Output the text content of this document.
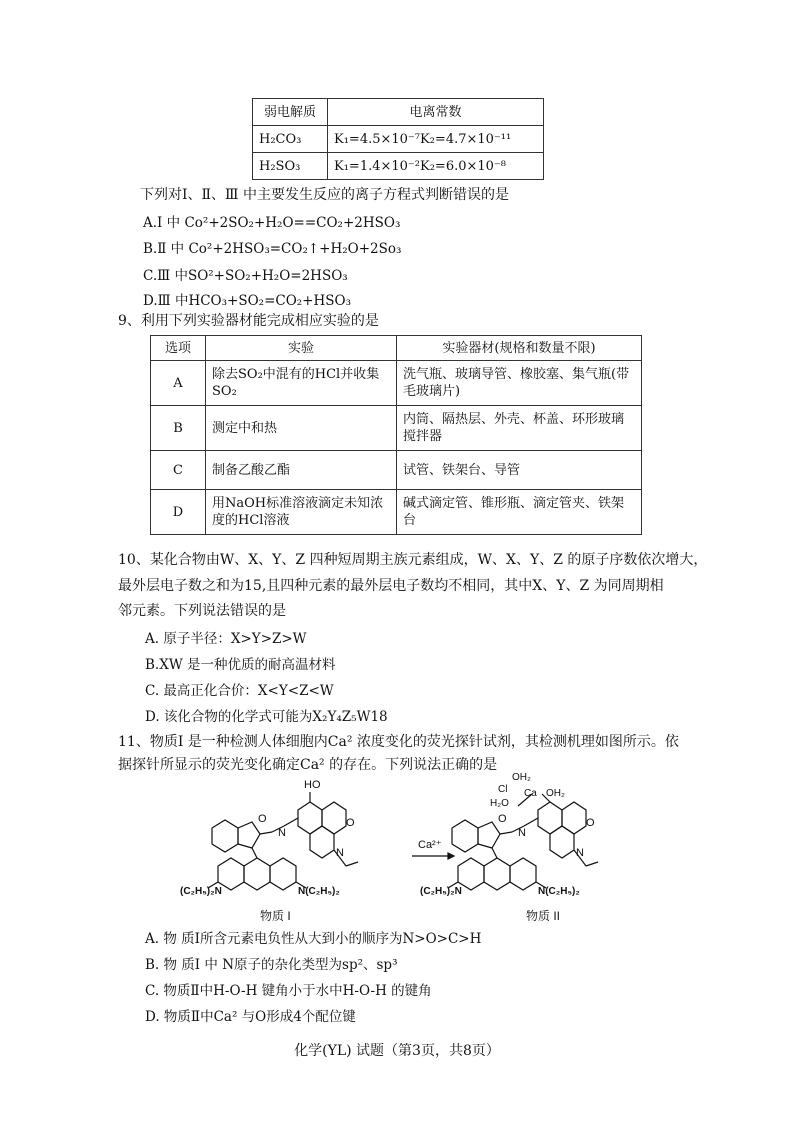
弱电解质	电离常数
H₂CO₃	K₁=4.5×10⁻⁷K₂=4.7×10⁻¹¹
H₂SO₃	K₁=1.4×10⁻²K₂=6.0×10⁻⁸
下列对Ⅰ、Ⅱ、Ⅲ 中主要发生反应的离子方程式判断错误的是
A.Ⅰ 中 Co²+2SO₂+H₂O==CO₂+2HSO₃
B.Ⅱ 中 Co²+2HSO₃=CO₂↑+H₂O+2So₃
C.Ⅲ 中SO²+SO₂+H₂O=2HSO₃
D.Ⅲ 中HCO₃+SO₂=CO₂+HSO₃
9、利用下列实验器材能完成相应实验的是
选项	实验	实验器材(规格和数量不限)
A	除去SO₂中混有的HCl并收集SO₂	洗气瓶、玻璃导管、橡胶塞、集气瓶(带毛玻璃片)
B	测定中和热	内筒、隔热层、外壳、杯盖、环形玻璃搅拌器
C	制备乙酸乙酯	试管、铁架台、导管
D	用NaOH标准溶液滴定未知浓度的HCl溶液	碱式滴定管、锥形瓶、滴定管夹、铁架台
10、某化合物由W、X、Y、Z 四种短周期主族元素组成，W、X、Y、Z 的原子序数依次增大，
最外层电子数之和为15,且四种元素的最外层电子数均不相同，其中X、Y、Z 为同周期相
邻元素。下列说法错误的是
A. 原子半径：X>Y>Z>W
B.XW 是一种优质的耐高温材料
C. 最高正化合价：X<Y<Z<W
D. 该化合物的化学式可能为X₂Y₄Z₅W18
11、物质Ⅰ 是一种检测人体细胞内Ca² 浓度变化的荧光探针试剂，其检测机理如图所示。依
据探针所显示的荧光变化确定Ca² 的存在。下列说法正确的是
HO
O	O
N
N
(C₂H₅)₂N	N(C₂H₅)₂
Ca²⁺
OH₂
Cl Ca
H₂O
OH₂
O	O
N
N
(C₂H₅)₂N	N(C₂H₅)₂
物质 I	物质 II
A. 物 质Ⅰ所含元素电负性从大到小的顺序为N>O>C>H
B. 物 质Ⅰ 中 N原子的杂化类型为sp²、sp³
C. 物质Ⅱ中H-O-H 键角小于水中H-O-H 的键角
D. 物质Ⅱ中Ca² 与O形成4个配位键
化学(YL) 试题（第3页，共8页）
